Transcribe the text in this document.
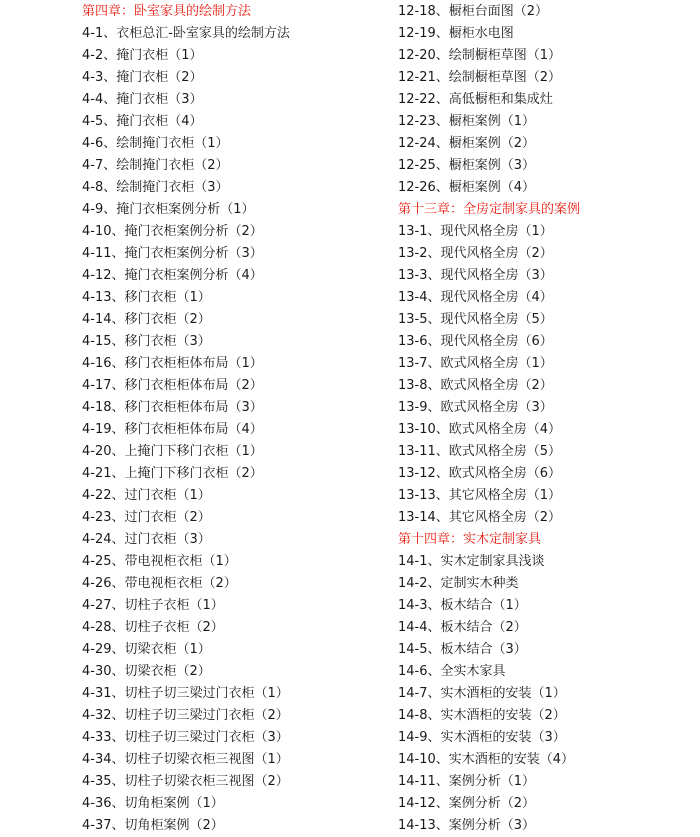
第四章：卧室家具的绘制方法
4-1、衣柜总汇-卧室家具的绘制方法
4-2、掩门衣柜（1）
4-3、掩门衣柜（2）
4-4、掩门衣柜（3）
4-5、掩门衣柜（4）
4-6、绘制掩门衣柜（1）
4-7、绘制掩门衣柜（2）
4-8、绘制掩门衣柜（3）
4-9、掩门衣柜案例分析（1）
4-10、掩门衣柜案例分析（2）
4-11、掩门衣柜案例分析（3）
4-12、掩门衣柜案例分析（4）
4-13、移门衣柜（1）
4-14、移门衣柜（2）
4-15、移门衣柜（3）
4-16、移门衣柜柜体布局（1）
4-17、移门衣柜柜体布局（2）
4-18、移门衣柜柜体布局（3）
4-19、移门衣柜柜体布局（4）
4-20、上掩门下移门衣柜（1）
4-21、上掩门下移门衣柜（2）
4-22、过门衣柜（1）
4-23、过门衣柜（2）
4-24、过门衣柜（3）
4-25、带电视柜衣柜（1）
4-26、带电视柜衣柜（2）
4-27、切柱子衣柜（1）
4-28、切柱子衣柜（2）
4-29、切梁衣柜（1）
4-30、切梁衣柜（2）
4-31、切柱子切三梁过门衣柜（1）
4-32、切柱子切三梁过门衣柜（2）
4-33、切柱子切三梁过门衣柜（3）
4-34、切柱子切梁衣柜三视图（1）
4-35、切柱子切梁衣柜三视图（2）
4-36、切角柜案例（1）
4-37、切角柜案例（2）
12-18、橱柜台面图（2）
12-19、橱柜水电图
12-20、绘制橱柜草图（1）
12-21、绘制橱柜草图（2）
12-22、高低橱柜和集成灶
12-23、橱柜案例（1）
12-24、橱柜案例（2）
12-25、橱柜案例（3）
12-26、橱柜案例（4）
第十三章：全房定制家具的案例
13-1、现代风格全房（1）
13-2、现代风格全房（2）
13-3、现代风格全房（3）
13-4、现代风格全房（4）
13-5、现代风格全房（5）
13-6、现代风格全房（6）
13-7、欧式风格全房（1）
13-8、欧式风格全房（2）
13-9、欧式风格全房（3）
13-10、欧式风格全房（4）
13-11、欧式风格全房（5）
13-12、欧式风格全房（6）
13-13、其它风格全房（1）
13-14、其它风格全房（2）
第十四章：实木定制家具
14-1、实木定制家具浅谈
14-2、定制实木种类
14-3、板木结合（1）
14-4、板木结合（2）
14-5、板木结合（3）
14-6、全实木家具
14-7、实木酒柜的安装（1）
14-8、实木酒柜的安装（2）
14-9、实木酒柜的安装（3）
14-10、实木酒柜的安装（4）
14-11、案例分析（1）
14-12、案例分析（2）
14-13、案例分析（3）
